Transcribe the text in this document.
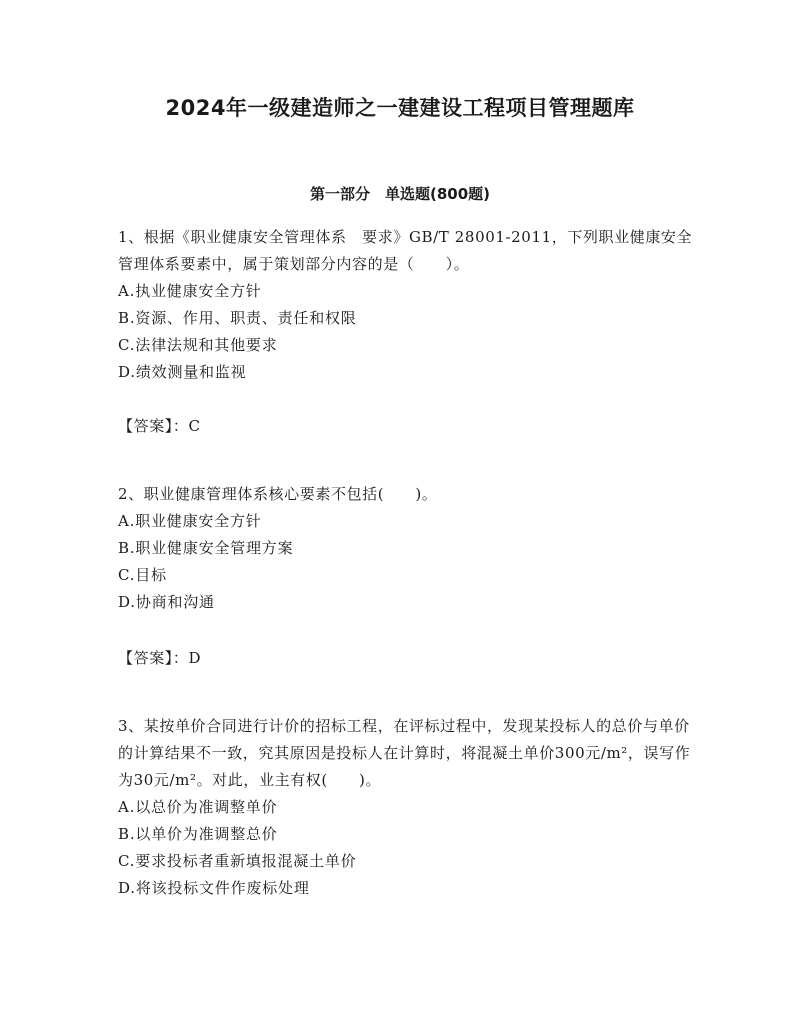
2024年一级建造师之一建建设工程项目管理题库
第一部分　单选题(800题)

1、根据《职业健康安全管理体系　要求》GB/T 28001-2011，下列职业健康安全管理体系要素中，属于策划部分内容的是（　　）。

A.执业健康安全方针

B.资源、作用、职责、责任和权限

C.法律法规和其他要求

D.绩效测量和监视

【答案】：C

2、职业健康管理体系核心要素不包括(　　)。

A.职业健康安全方针

B.职业健康安全管理方案

C.目标

D.协商和沟通

【答案】：D

3、某按单价合同进行计价的招标工程，在评标过程中，发现某投标人的总价与单价的计算结果不一致，究其原因是投标人在计算时，将混凝土单价300元/m²，误写作为30元/m²。对此，业主有权(　　)。

A.以总价为准调整单价

B.以单价为准调整总价

C.要求投标者重新填报混凝土单价

D.将该投标文件作废标处理
